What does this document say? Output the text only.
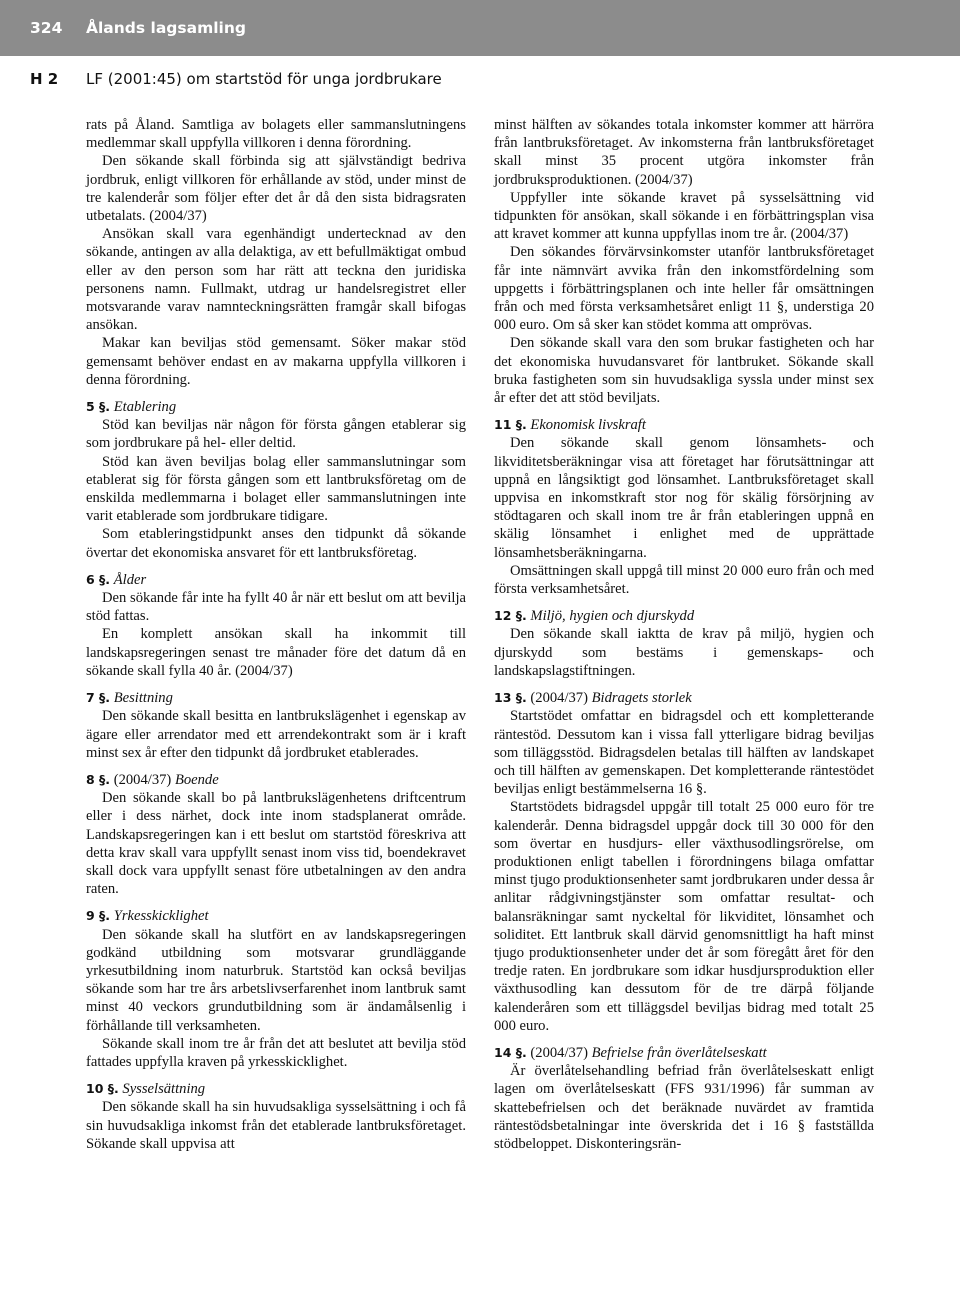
324 Ålands lagsamling
H 2 LF (2001:45) om startstöd för unga jordbrukare

rats på Åland. Samtliga av bolagets eller sammanslutningens medlemmar skall uppfylla villkoren i denna förordning.

Den sökande skall förbinda sig att självständigt bedriva jordbruk, enligt villkoren för erhållande av stöd, under minst de tre kalenderår som följer efter det år då den sista bidragsraten utbetalats. (2004/37)

Ansökan skall vara egenhändigt undertecknad av den sökande, antingen av alla delaktiga, av ett befullmäktigat ombud eller av den person som har rätt att teckna den juridiska personens namn. Fullmakt, utdrag ur handelsregistret eller motsvarande varav namnteckningsrätten framgår skall bifogas ansökan.

Makar kan beviljas stöd gemensamt. Söker makar stöd gemensamt behöver endast en av makarna uppfylla villkoren i denna förordning.

5 §. Etablering

Stöd kan beviljas när någon för första gången etablerar sig som jordbrukare på hel- eller deltid.

Stöd kan även beviljas bolag eller sammanslutningar som etablerat sig för första gången som ett lantbruksföretag om de enskilda medlemmarna i bolaget eller sammanslutningen inte varit etablerade som jordbrukare tidigare.

Som etableringstidpunkt anses den tidpunkt då sökande övertar det ekonomiska ansvaret för ett lantbruksföretag.

6 §. Ålder

Den sökande får inte ha fyllt 40 år när ett beslut om att bevilja stöd fattas.

En komplett ansökan skall ha inkommit till landskapsregeringen senast tre månader före det datum då en sökande skall fylla 40 år. (2004/37)

7 §. Besittning

Den sökande skall besitta en lantbrukslägenhet i egenskap av ägare eller arrendator med ett arrendekontrakt som är i kraft minst sex år efter den tidpunkt då jordbruket etablerades.

8 §. (2004/37) Boende

Den sökande skall bo på lantbrukslägenhetens driftcentrum eller i dess närhet, dock inte inom stadsplanerat område. Landskapsregeringen kan i ett beslut om startstöd föreskriva att detta krav skall vara uppfyllt senast inom viss tid, boendekravet skall dock vara uppfyllt senast före utbetalningen av den andra raten.

9 §. Yrkesskicklighet

Den sökande skall ha slutfört en av landskapsregeringen godkänd utbildning som motsvarar grundläggande yrkesutbildning inom naturbruk. Startstöd kan också beviljas sökande som har tre års arbetslivserfarenhet inom lantbruk samt minst 40 veckors grundutbildning som är ändamålsenlig i förhållande till verksamheten.

Sökande skall inom tre år från det att beslutet att bevilja stöd fattades uppfylla kraven på yrkesskicklighet.

10 §. Sysselsättning

Den sökande skall ha sin huvudsakliga sysselsättning i och få sin huvudsakliga inkomst från det etablerade lantbruksföretaget. Sökande skall uppvisa att

minst hälften av sökandes totala inkomster kommer att härröra från lantbruksföretaget. Av inkomsterna från lantbruksföretaget skall minst 35 procent utgöra inkomster från jordbruksproduktionen. (2004/37)

Uppfyller inte sökande kravet på sysselsättning vid tidpunkten för ansökan, skall sökande i en förbättringsplan visa att kravet kommer att kunna uppfyllas inom tre år. (2004/37)

Den sökandes förvärvsinkomster utanför lantbruksföretaget får inte nämnvärt avvika från den inkomstfördelning som uppgetts i förbättringsplanen och inte heller får omsättningen från och med första verksamhetsåret enligt 11 §, understiga 20 000 euro. Om så sker kan stödet komma att omprövas.

Den sökande skall vara den som brukar fastigheten och har det ekonomiska huvudansvaret för lantbruket. Sökande skall bruka fastigheten som sin huvudsakliga syssla under minst sex år efter det att stöd beviljats.

11 §. Ekonomisk livskraft

Den sökande skall genom lönsamhets- och likviditetsberäkningar visa att företaget har förutsättningar att uppnå en långsiktigt god lönsamhet. Lantbruksföretaget skall uppvisa en inkomstkraft stor nog för skälig försörjning av stödtagaren och skall inom tre år från etableringen uppnå en skälig lönsamhet i enlighet med de upprättade lönsamhetsberäkningarna.

Omsättningen skall uppgå till minst 20 000 euro från och med första verksamhetsåret.

12 §. Miljö, hygien och djurskydd

Den sökande skall iaktta de krav på miljö, hygien och djurskydd som bestäms i gemenskaps- och landskapslagstiftningen.

13 §. (2004/37) Bidragets storlek

Startstödet omfattar en bidragsdel och ett kompletterande räntestöd. Dessutom kan i vissa fall ytterligare bidrag beviljas som tilläggsstöd. Bidragsdelen betalas till hälften av landskapet och till hälften av gemenskapen. Det kompletterande räntestödet beviljas enligt bestämmelserna 16 §.

Startstödets bidragsdel uppgår till totalt 25 000 euro för tre kalenderår. Denna bidragsdel uppgår dock till 30 000 för den som övertar en husdjurs- eller växthusodlingsrörelse, om produktionen enligt tabellen i förordningens bilaga omfattar minst tjugo produktionsenheter samt jordbrukaren under dessa år anlitar rådgivningstjänster som omfattar resultat- och balansräkningar samt nyckeltal för likviditet, lönsamhet och soliditet. Ett lantbruk skall därvid genomsnittligt ha haft minst tjugo produktionsenheter under det år som föregått året för den tredje raten. En jordbrukare som idkar husdjursproduktion eller växthusodling kan dessutom för de tre därpå följande kalenderåren som ett tilläggsdel beviljas bidrag med totalt 25 000 euro.

14 §. (2004/37) Befrielse från överlåtelseskatt

Är överlåtelsehandling befriad från överlåtelseskatt enligt lagen om överlåtelseskatt (FFS 931/1996) får summan av skattebefrielsen och det beräknade nuvärdet av framtida räntestödsbetalningar inte överskrida det i 16 § fastställda stödbeloppet. Diskonteringsrän-
